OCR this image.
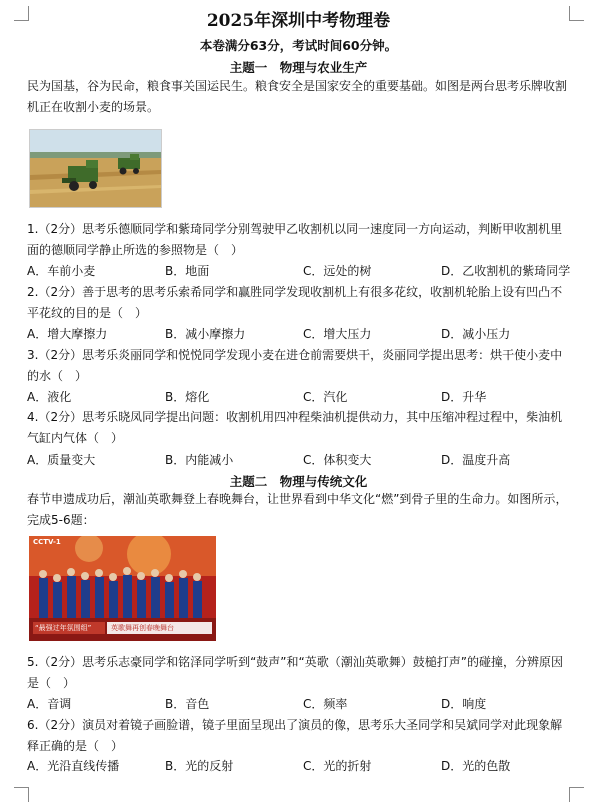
2025年深圳中考物理卷
本卷满分63分，考试时间60分钟。
主题一　物理与农业生产
民为国基，谷为民命，粮食事关国运民生。粮食安全是国家安全的重要基础。如图是两台思考乐牌收割机正在收割小麦的场景。
1.（2分）思考乐德顺同学和紫琦同学分别驾驶甲乙收割机以同一速度同一方向运动，判断甲收割机里面的德顺同学静止所选的参照物是（　）
A．车前小麦	B．地面	C．远处的树	D．乙收割机的紫琦同学
2.（2分）善于思考的思考乐索希同学和赢胜同学发现收割机上有很多花纹，收割机轮胎上设有凹凸不平花纹的目的是（　）
A．增大摩擦力	B．减小摩擦力	C．增大压力	D．减小压力
3.（2分）思考乐炎丽同学和悦悦同学发现小麦在进仓前需要烘干，炎丽同学提出思考：烘干使小麦中的水（　）
A．液化	B．熔化	C．汽化	D．升华
4.（2分）思考乐晓凤同学提出问题：收割机用四冲程柴油机提供动力，其中压缩冲程过程中，柴油机气缸内气体（　）
A．质量变大	B．内能减小	C．体积变大	D．温度升高
主题二　物理与传统文化
春节申遗成功后，潮汕英歌舞登上春晚舞台，让世界看到中华文化“燃”到骨子里的生命力。如图所示，完成5-6题：
CCTV-1
“最强过年氛围组”	英歌舞再创春晚舞台
5.（2分）思考乐志豪同学和铭泽同学听到“鼓声”和“英歌（潮汕英歌舞）鼓槌打声”的碰撞，分辨原因是（　）
A．音调	B．音色	C．频率	D．响度
6.（2分）演员对着镜子画脸谱，镜子里面呈现出了演员的像，思考乐大圣同学和吴斌同学对此现象解释正确的是（　）
A．光沿直线传播	B．光的反射	C．光的折射	D．光的色散
